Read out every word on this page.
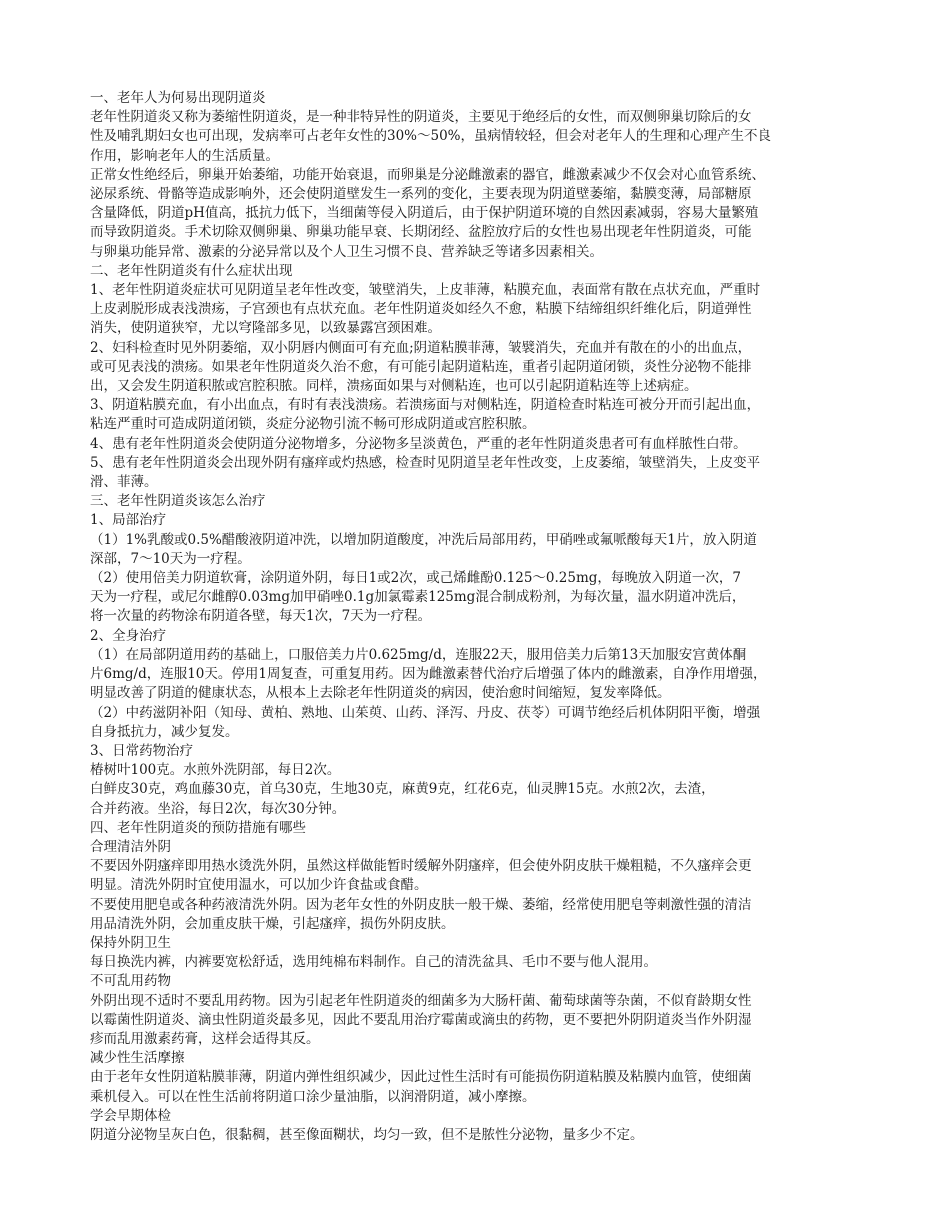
一、老年人为何易出现阴道炎
老年性阴道炎又称为萎缩性阴道炎，是一种非特异性的阴道炎，主要见于绝经后的女性，而双侧卵巢切除后的女
性及哺乳期妇女也可出现，发病率可占老年女性的30%～50%，虽病情较轻，但会对老年人的生理和心理产生不良
作用，影响老年人的生活质量。
正常女性绝经后，卵巢开始萎缩，功能开始衰退，而卵巢是分泌雌激素的器官，雌激素减少不仅会对心血管系统、
泌尿系统、骨骼等造成影响外，还会使阴道壁发生一系列的变化，主要表现为阴道壁萎缩，黏膜变薄，局部糖原
含量降低，阴道pH值高，抵抗力低下，当细菌等侵入阴道后，由于保护阴道环境的自然因素减弱，容易大量繁殖
而导致阴道炎。手术切除双侧卵巢、卵巢功能早衰、长期闭经、盆腔放疗后的女性也易出现老年性阴道炎，可能
与卵巢功能异常、激素的分泌异常以及个人卫生习惯不良、营养缺乏等诸多因素相关。
二、老年性阴道炎有什么症状出现
1、老年性阴道炎症状可见阴道呈老年性改变，皱壁消失，上皮菲薄，粘膜充血，表面常有散在点状充血，严重时
上皮剥脱形成表浅溃疡，子宫颈也有点状充血。老年性阴道炎如经久不愈，粘膜下结缔组织纤维化后，阴道弹性
消失，使阴道狭窄，尤以穹隆部多见，以致暴露宫颈困难。
2、妇科检查时见外阴萎缩，双小阴唇内侧面可有充血;阴道粘膜菲薄，皱襞消失，充血并有散在的小的出血点，
或可见表浅的溃疡。如果老年性阴道炎久治不愈，有可能引起阴道粘连，重者引起阴道闭锁，炎性分泌物不能排
出，又会发生阴道积脓或宫腔积脓。同样，溃疡面如果与对侧粘连，也可以引起阴道粘连等上述病症。
3、阴道粘膜充血，有小出血点，有时有表浅溃疡。若溃疡面与对侧粘连，阴道检查时粘连可被分开而引起出血，
粘连严重时可造成阴道闭锁，炎症分泌物引流不畅可形成阴道或宫腔积脓。
4、患有老年性阴道炎会使阴道分泌物增多，分泌物多呈淡黄色，严重的老年性阴道炎患者可有血样脓性白带。
5、患有老年性阴道炎会出现外阴有瘙痒或灼热感，检查时见阴道呈老年性改变，上皮萎缩，皱壁消失，上皮变平
滑、菲薄。
三、老年性阴道炎该怎么治疗
1、局部治疗
（1）1%乳酸或0.5%醋酸液阴道冲洗，以增加阴道酸度，冲洗后局部用药，甲硝唑或氟哌酸每天1片，放入阴道
深部，7～10天为一疗程。
（2）使用倍美力阴道软膏，涂阴道外阴，每日1或2次，或己烯雌酚0.125～0.25mg，每晚放入阴道一次，7
天为一疗程，或尼尔雌醇0.03mg加甲硝唑0.1g加氯霉素125mg混合制成粉剂，为每次量，温水阴道冲洗后，
将一次量的药物涂布阴道各壁，每天1次，7天为一疗程。
2、全身治疗
（1）在局部阴道用药的基础上，口服倍美力片0.625mg/d，连服22天，服用倍美力后第13天加服安宫黄体酮
片6mg/d，连服10天。停用1周复查，可重复用药。因为雌激素替代治疗后增强了体内的雌激素，自净作用增强，
明显改善了阴道的健康状态，从根本上去除老年性阴道炎的病因，使治愈时间缩短，复发率降低。
（2）中药滋阴补阳（知母、黄柏、熟地、山茱萸、山药、泽泻、丹皮、茯苓）可调节绝经后机体阴阳平衡，增强
自身抵抗力，减少复发。
3、日常药物治疗
椿树叶100克。水煎外洗阴部，每日2次。
白鲜皮30克，鸡血藤30克，首乌30克，生地30克，麻黄9克，红花6克，仙灵脾15克。水煎2次，去渣，
合并药液。坐浴，每日2次，每次30分钟。
四、老年性阴道炎的预防措施有哪些
合理清洁外阴
不要因外阴瘙痒即用热水烫洗外阴，虽然这样做能暂时缓解外阴瘙痒，但会使外阴皮肤干燥粗糙，不久瘙痒会更
明显。清洗外阴时宜使用温水，可以加少许食盐或食醋。
不要使用肥皂或各种药液清洗外阴。因为老年女性的外阴皮肤一般干燥、萎缩，经常使用肥皂等刺激性强的清洁
用品清洗外阴，会加重皮肤干燥，引起瘙痒，损伤外阴皮肤。
保持外阴卫生
每日换洗内裤，内裤要宽松舒适，选用纯棉布料制作。自己的清洗盆具、毛巾不要与他人混用。
不可乱用药物
外阴出现不适时不要乱用药物。因为引起老年性阴道炎的细菌多为大肠杆菌、葡萄球菌等杂菌，不似育龄期女性
以霉菌性阴道炎、滴虫性阴道炎最多见，因此不要乱用治疗霉菌或滴虫的药物，更不要把外阴阴道炎当作外阴湿
疹而乱用激素药膏，这样会适得其反。
减少性生活摩擦
由于老年女性阴道粘膜菲薄，阴道内弹性组织减少，因此过性生活时有可能损伤阴道粘膜及粘膜内血管，使细菌
乘机侵入。可以在性生活前将阴道口涂少量油脂，以润滑阴道，减小摩擦。
学会早期体检
阴道分泌物呈灰白色，很黏稠，甚至像面糊状，均匀一致，但不是脓性分泌物，量多少不定。
